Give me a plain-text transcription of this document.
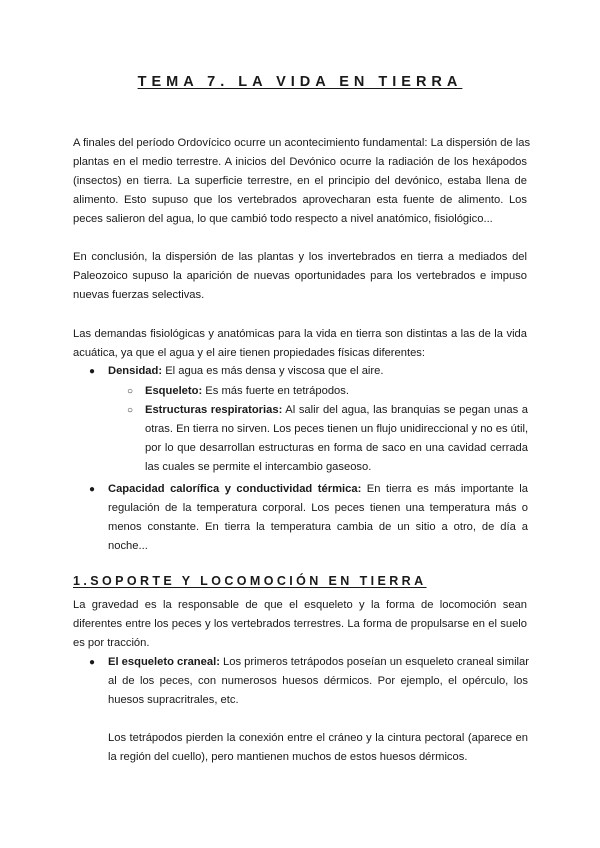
TEMA 7. LA VIDA EN TIERRA
A finales del período Ordovícico ocurre un acontecimiento fundamental: La dispersión de las
plantas en el medio terrestre. A inicios del Devónico ocurre la radiación de los hexápodos
(insectos) en tierra. La superficie terrestre, en el principio del devónico, estaba llena de
alimento. Esto supuso que los vertebrados aprovecharan esta fuente de alimento. Los
peces salieron del agua, lo que cambió todo respecto a nivel anatómico, fisiológico...
En conclusión, la dispersión de las plantas y los invertebrados en tierra a mediados del
Paleozoico supuso la aparición de nuevas oportunidades para los vertebrados e impuso
nuevas fuerzas selectivas.
Las demandas fisiológicas y anatómicas para la vida en tierra son distintas a las de la vida
acuática, ya que el agua y el aire tienen propiedades físicas diferentes:
● Densidad: El agua es más densa y viscosa que el aire.
○ Esqueleto: Es más fuerte en tetrápodos.
○ Estructuras respiratorias: Al salir del agua, las branquias se pegan unas a
otras. En tierra no sirven. Los peces tienen un flujo unidireccional y no es útil,
por lo que desarrollan estructuras en forma de saco en una cavidad cerrada
las cuales se permite el intercambio gaseoso.
● Capacidad calorífica y conductividad térmica: En tierra es más importante la
regulación de la temperatura corporal. Los peces tienen una temperatura más o
menos constante. En tierra la temperatura cambia de un sitio a otro, de día a
noche...
1.SOPORTE Y LOCOMOCIÓN EN TIERRA
La gravedad es la responsable de que el esqueleto y la forma de locomoción sean
diferentes entre los peces y los vertebrados terrestres. La forma de propulsarse en el suelo
es por tracción.
● El esqueleto craneal: Los primeros tetrápodos poseían un esqueleto craneal similar
al de los peces, con numerosos huesos dérmicos. Por ejemplo, el opérculo, los
huesos supracritrales, etc.
Los tetrápodos pierden la conexión entre el cráneo y la cintura pectoral (aparece en
la región del cuello), pero mantienen muchos de estos huesos dérmicos.
